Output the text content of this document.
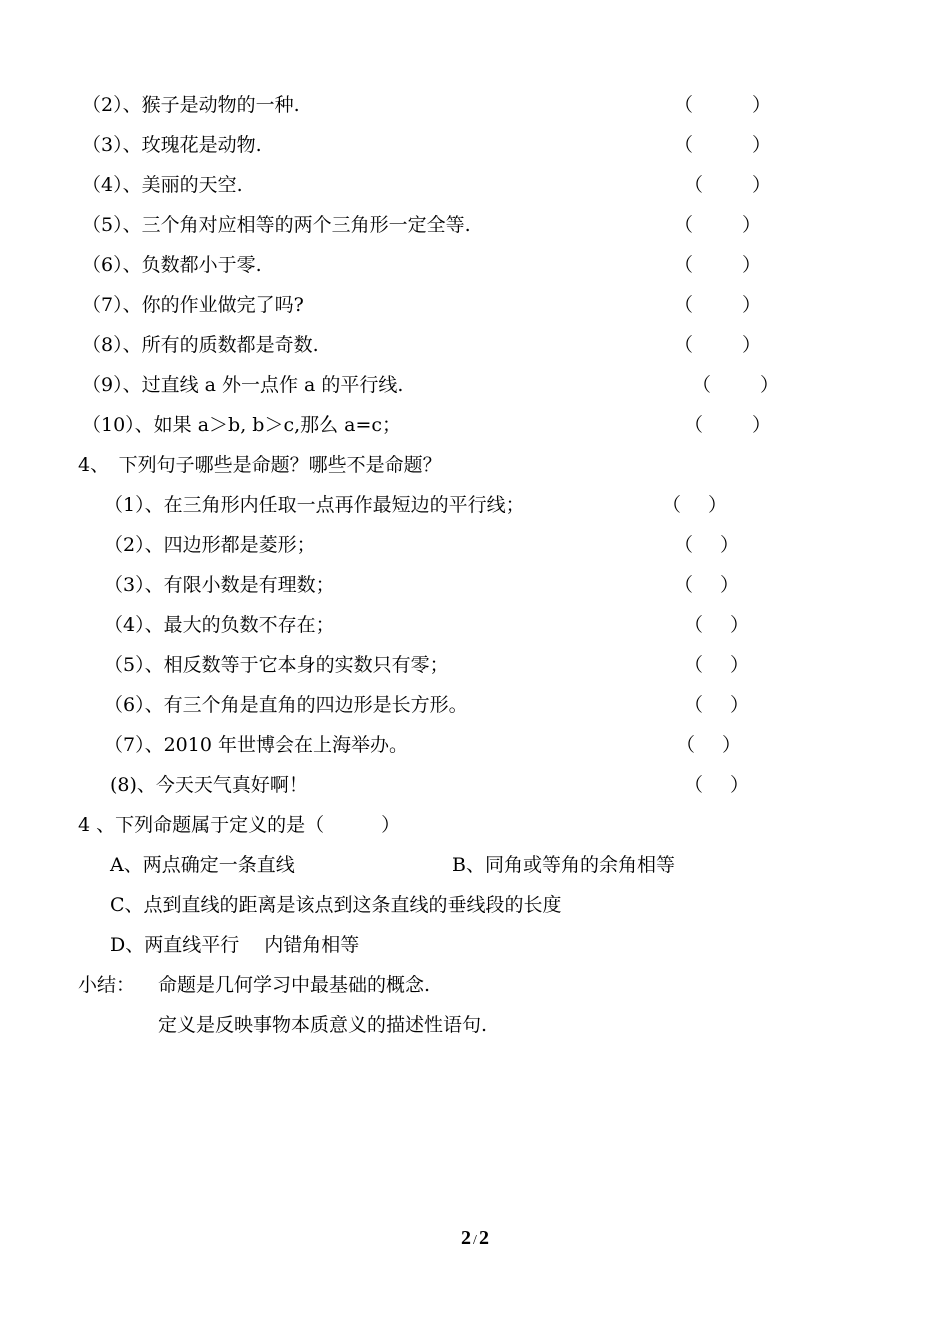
（2）、猴子是动物的一种.	（	）
（3）、玫瑰花是动物.	（	）
（4）、美丽的天空.	（	）
（5）、三个角对应相等的两个三角形一定全等.	（	）
（6）、负数都小于零.	（	）
（7）、你的作业做完了吗?	（	）
（8）、所有的质数都是奇数.	（	）
（9）、过直线 a 外一点作 a 的平行线.	（	）
（10）、如果 a＞b, b＞c,那么 a=c；	（	）
4、　下列句子哪些是命题？哪些不是命题？
（1）、在三角形内任取一点再作最短边的平行线；	（ ）
（2）、四边形都是菱形；	（ ）
（3）、有限小数是有理数；	（ ）
（4）、最大的负数不存在；	（ ）
（5）、相反数等于它本身的实数只有零；	（ ）
（6）、有三个角是直角的四边形是长方形。	（ ）
（7）、2010 年世博会在上海举办。	（ ）
(8)、今天天气真好啊！	（ ）
4 、下列命题属于定义的是（　　　）
A、两点确定一条直线	B、同角或等角的余角相等
C、点到直线的距离是该点到这条直线的垂线段的长度
D、两直线平行　 内错角相等
小结： 命题是几何学习中最基础的概念.
定义是反映事物本质意义的描述性语句.
2 / 2
